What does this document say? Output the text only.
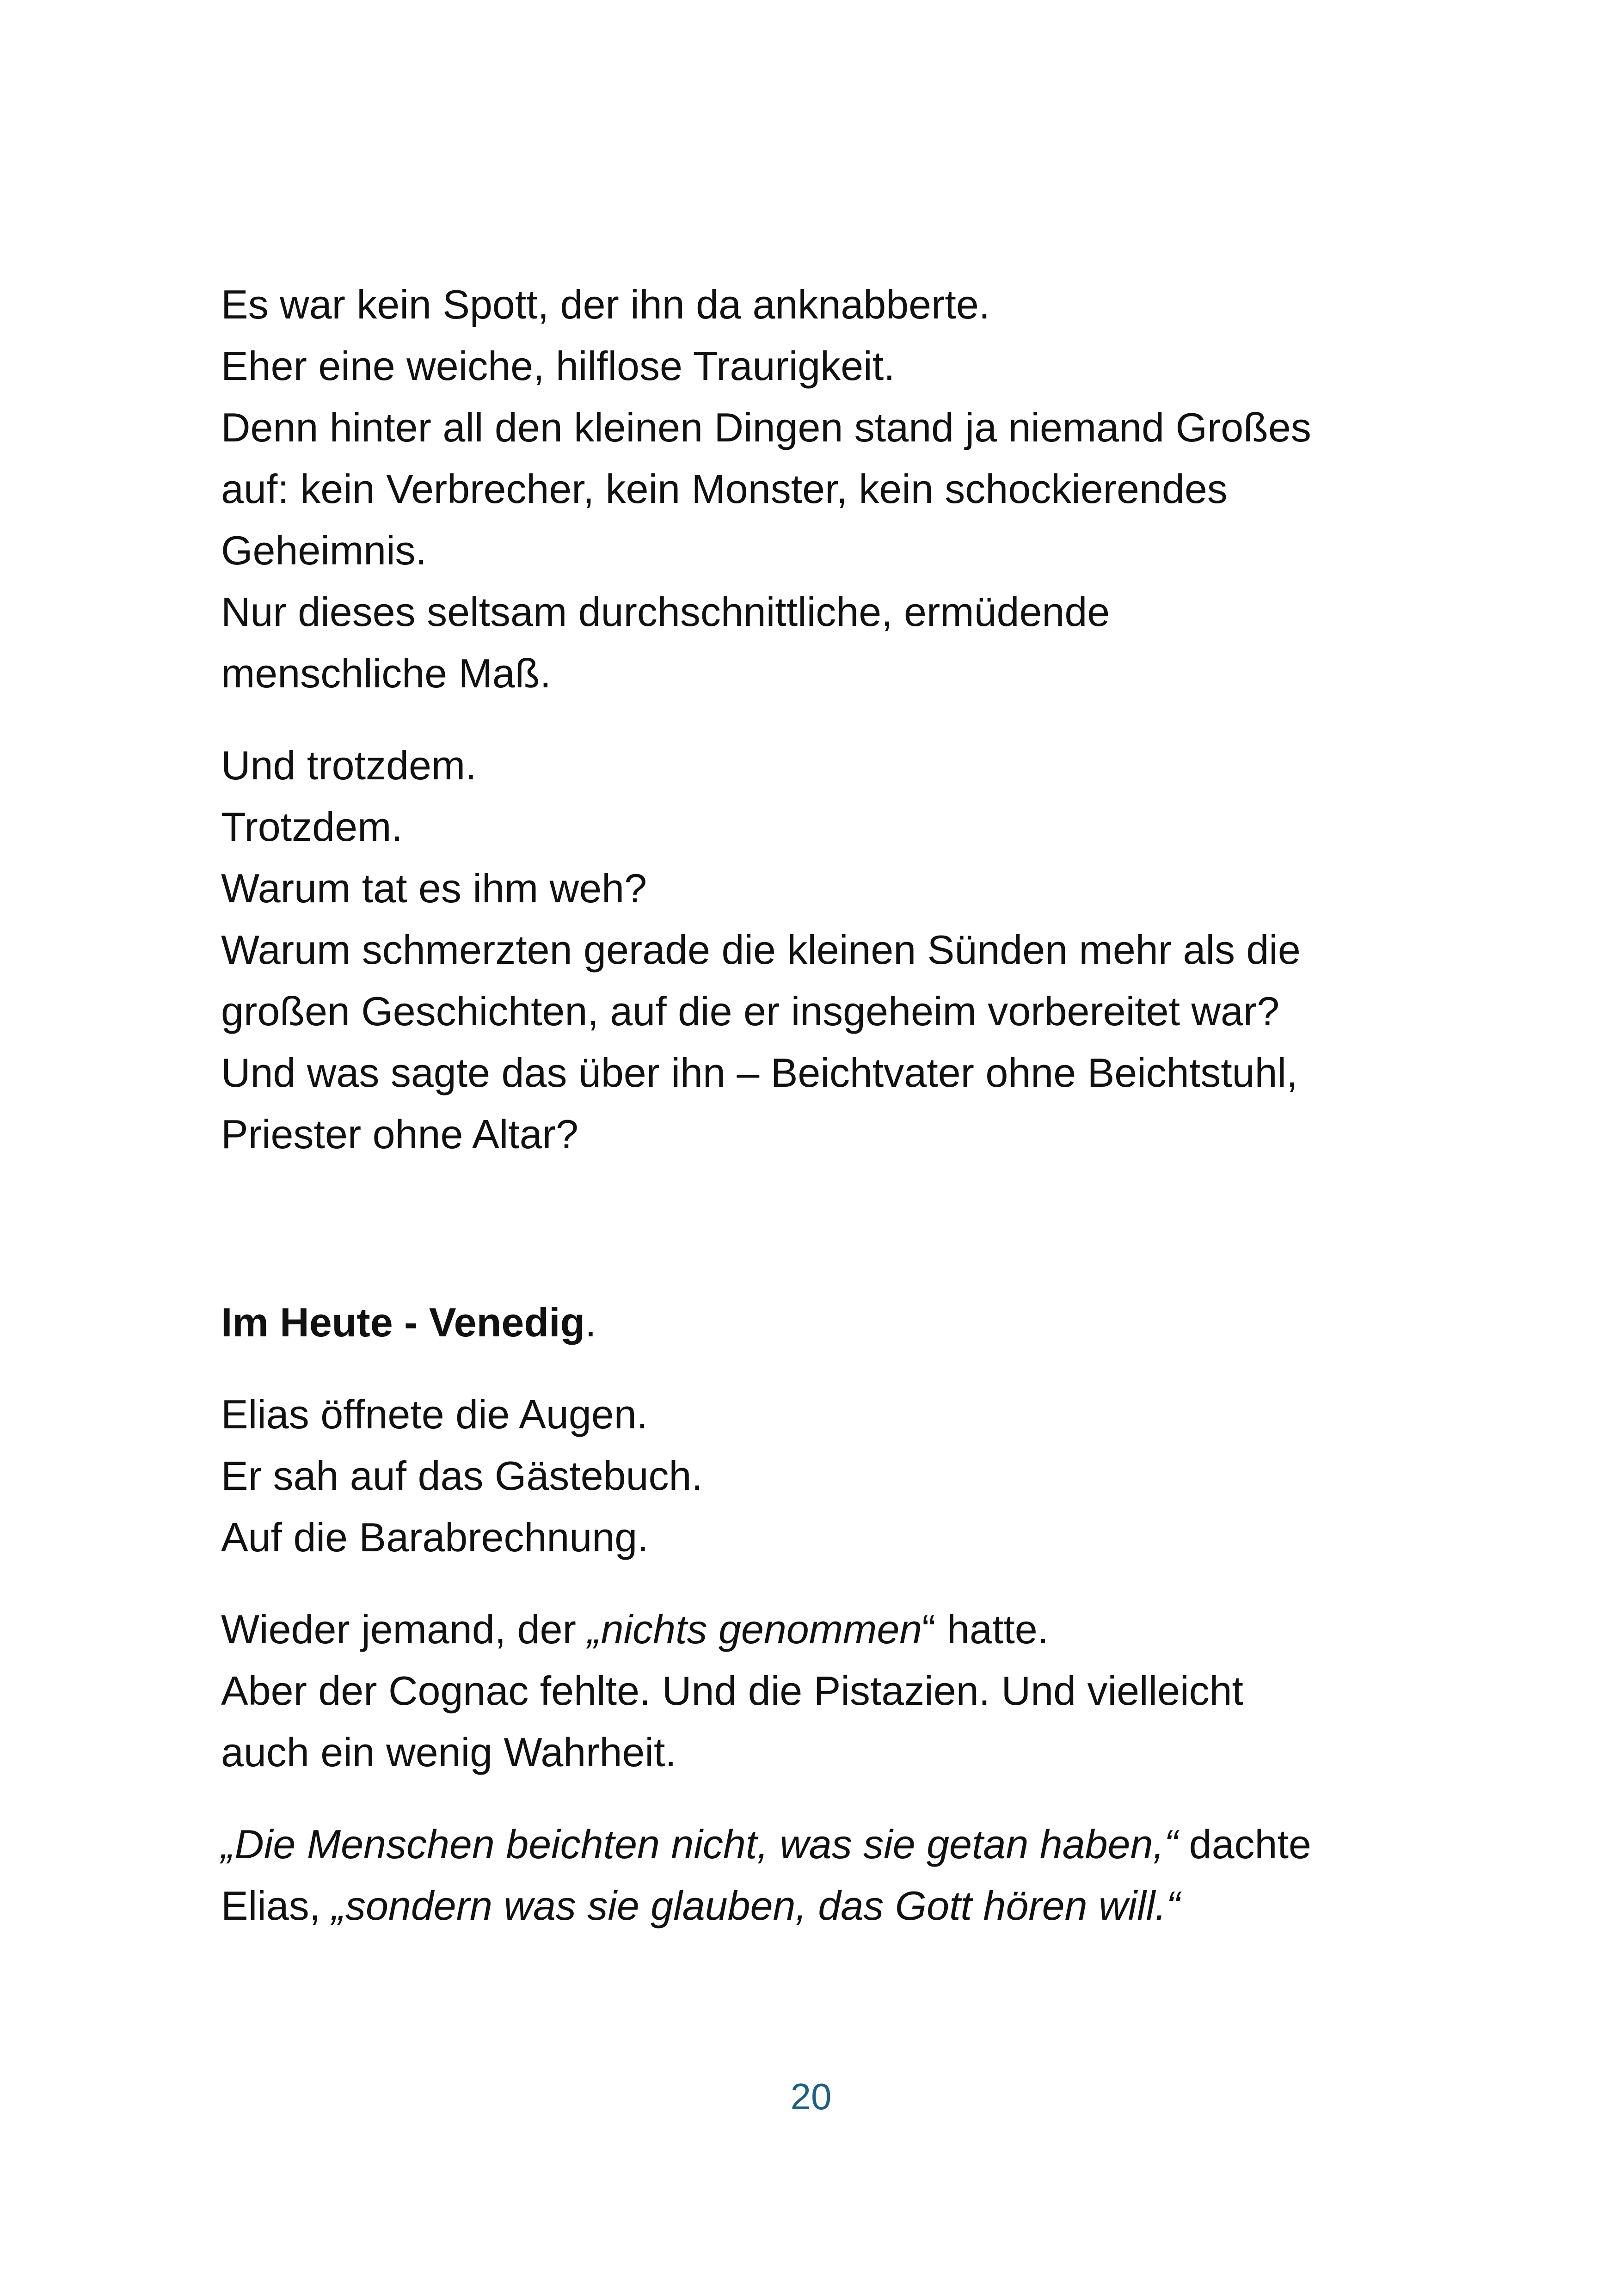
Es war kein Spott, der ihn da anknabberte.
Eher eine weiche, hilflose Traurigkeit.
Denn hinter all den kleinen Dingen stand ja niemand Großes
auf: kein Verbrecher, kein Monster, kein schockierendes
Geheimnis.
Nur dieses seltsam durchschnittliche, ermüdende
menschliche Maß.

Und trotzdem.
Trotzdem.
Warum tat es ihm weh?
Warum schmerzten gerade die kleinen Sünden mehr als die
großen Geschichten, auf die er insgeheim vorbereitet war?
Und was sagte das über ihn – Beichtvater ohne Beichtstuhl,
Priester ohne Altar?

Im Heute - Venedig.

Elias öffnete die Augen.
Er sah auf das Gästebuch.
Auf die Barabrechnung.

Wieder jemand, der „nichts genommen“ hatte.
Aber der Cognac fehlte. Und die Pistazien. Und vielleicht
auch ein wenig Wahrheit.

„Die Menschen beichten nicht, was sie getan haben,“ dachte
Elias, „sondern was sie glauben, das Gott hören will.“

20
